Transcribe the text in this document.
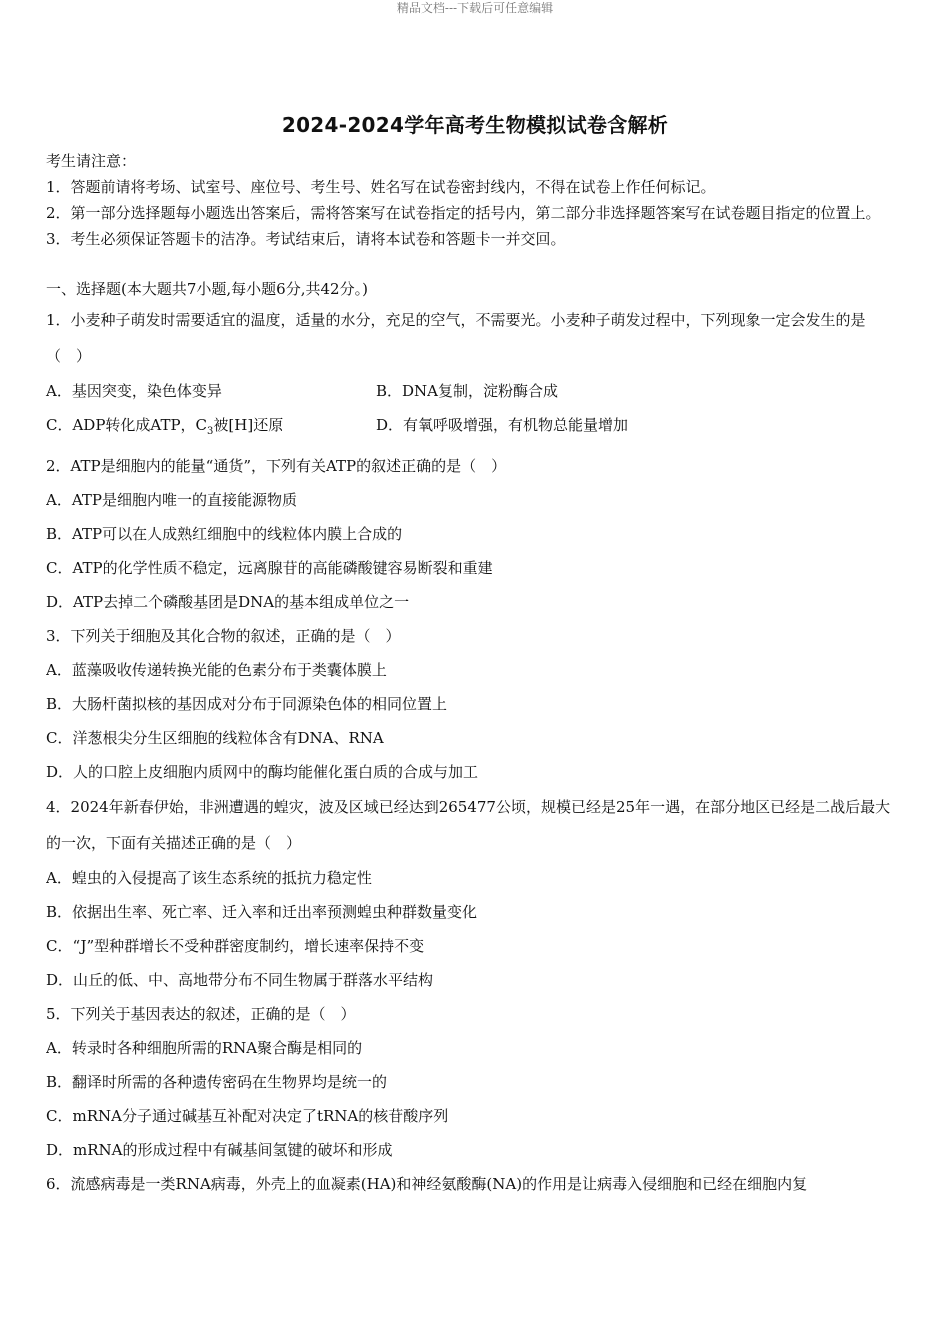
精品文档---下载后可任意编辑
2024-2024学年高考生物模拟试卷含解析
考生请注意：
1．答题前请将考场、试室号、座位号、考生号、姓名写在试卷密封线内，不得在试卷上作任何标记。
2．第一部分选择题每小题选出答案后，需将答案写在试卷指定的括号内，第二部分非选择题答案写在试卷题目指定的位置上。
3．考生必须保证答题卡的洁净。考试结束后，请将本试卷和答题卡一并交回。
一、选择题(本大题共7小题,每小题6分,共42分。)
1．小麦种子萌发时需要适宜的温度，适量的水分，充足的空气，不需要光。小麦种子萌发过程中，下列现象一定会发生的是（　）
A．基因突变，染色体变异	B．DNA复制，淀粉酶合成
C．ADP转化成ATP，C3被[H]还原	D．有氧呼吸增强，有机物总能量增加
2．ATP是细胞内的能量“通货”，下列有关ATP的叙述正确的是（　）
A．ATP是细胞内唯一的直接能源物质
B．ATP可以在人成熟红细胞中的线粒体内膜上合成的
C．ATP的化学性质不稳定，远离腺苷的高能磷酸键容易断裂和重建
D．ATP去掉二个磷酸基团是DNA的基本组成单位之一
3．下列关于细胞及其化合物的叙述，正确的是（　）
A．蓝藻吸收传递转换光能的色素分布于类囊体膜上
B．大肠杆菌拟核的基因成对分布于同源染色体的相同位置上
C．洋葱根尖分生区细胞的线粒体含有DNA、RNA
D．人的口腔上皮细胞内质网中的酶均能催化蛋白质的合成与加工
4．2024年新春伊始，非洲遭遇的蝗灾，波及区域已经达到265477公顷，规模已经是25年一遇，在部分地区已经是二战后最大的一次，下面有关描述正确的是（　）
A．蝗虫的入侵提高了该生态系统的抵抗力稳定性
B．依据出生率、死亡率、迁入率和迁出率预测蝗虫种群数量变化
C．“J”型种群增长不受种群密度制约，增长速率保持不变
D．山丘的低、中、高地带分布不同生物属于群落水平结构
5．下列关于基因表达的叙述，正确的是（　）
A．转录时各种细胞所需的RNA聚合酶是相同的
B．翻译时所需的各种遗传密码在生物界均是统一的
C．mRNA分子通过碱基互补配对决定了tRNA的核苷酸序列
D．mRNA的形成过程中有碱基间氢键的破坏和形成
6．流感病毒是一类RNA病毒，外壳上的血凝素(HA)和神经氨酸酶(NA)的作用是让病毒入侵细胞和已经在细胞内复
